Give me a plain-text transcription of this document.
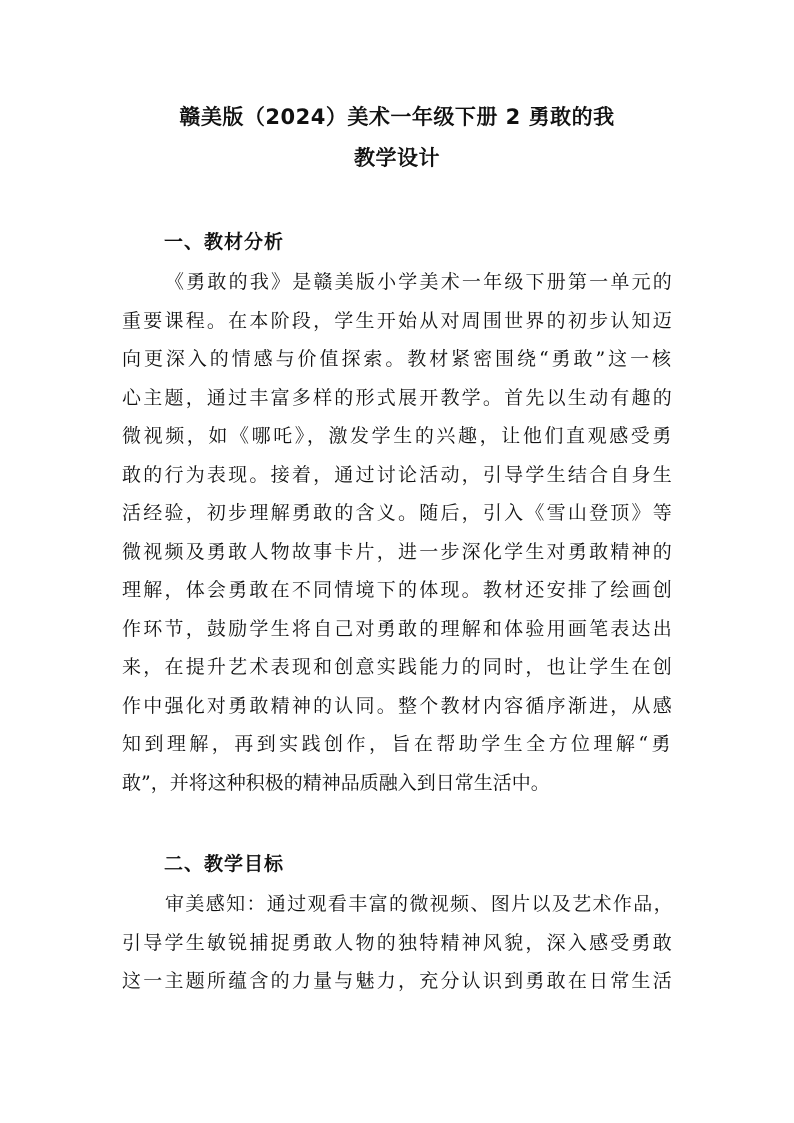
赣美版（2024）美术一年级下册 2 勇敢的我
教学设计
一、教材分析
《勇敢的我》是赣美版小学美术一年级下册第一单元的
重要课程。在本阶段，学生开始从对周围世界的初步认知迈
向更深入的情感与价值探索。教材紧密围绕“勇敢”这一核
心主题，通过丰富多样的形式展开教学。首先以生动有趣的
微视频，如《哪吒》，激发学生的兴趣，让他们直观感受勇
敢的行为表现。接着，通过讨论活动，引导学生结合自身生
活经验，初步理解勇敢的含义。随后，引入《雪山登顶》等
微视频及勇敢人物故事卡片，进一步深化学生对勇敢精神的
理解，体会勇敢在不同情境下的体现。教材还安排了绘画创
作环节，鼓励学生将自己对勇敢的理解和体验用画笔表达出
来，在提升艺术表现和创意实践能力的同时，也让学生在创
作中强化对勇敢精神的认同。整个教材内容循序渐进，从感
知到理解，再到实践创作，旨在帮助学生全方位理解“勇
敢”，并将这种积极的精神品质融入到日常生活中。
二、教学目标
审美感知：通过观看丰富的微视频、图片以及艺术作品，
引导学生敏锐捕捉勇敢人物的独特精神风貌，深入感受勇敢
这一主题所蕴含的力量与魅力，充分认识到勇敢在日常生活
